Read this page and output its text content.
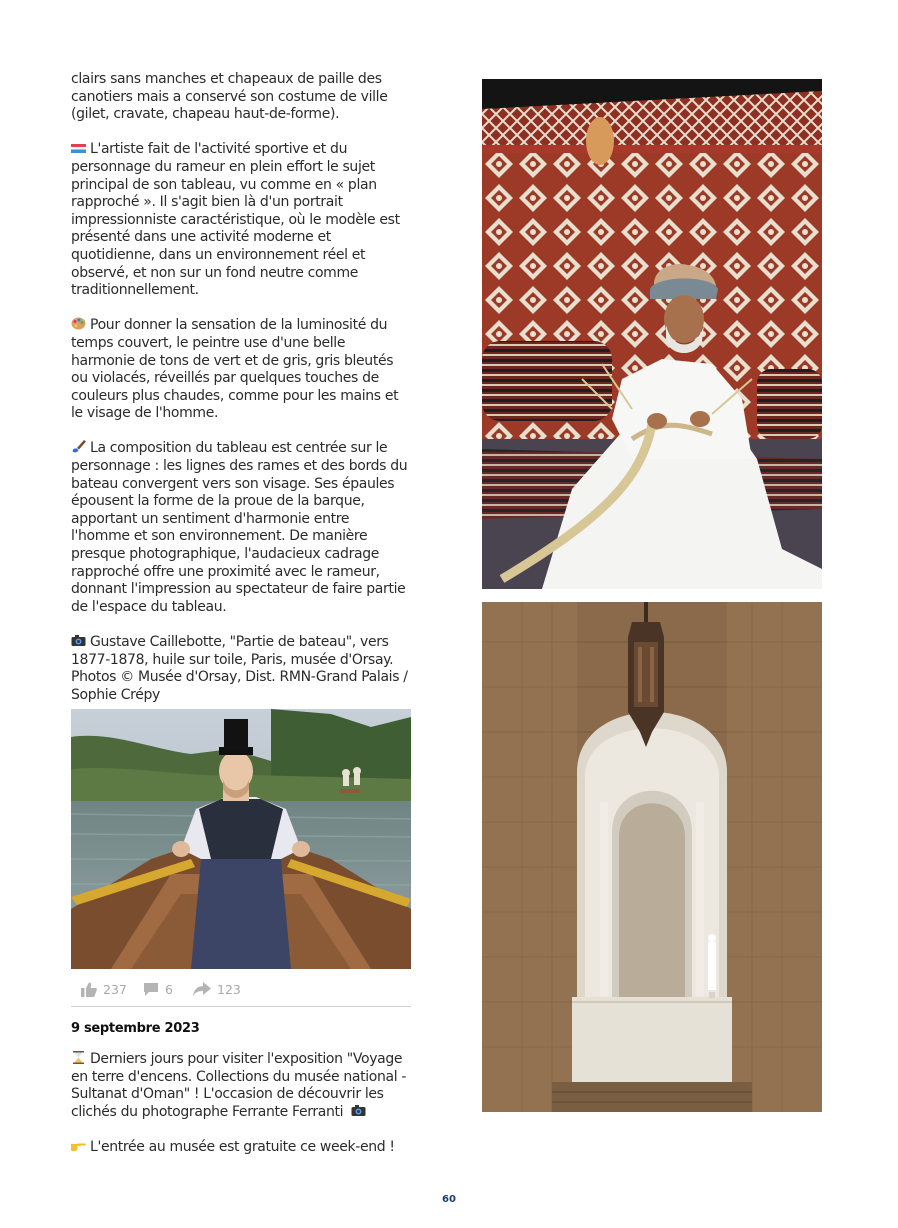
clairs sans manches et chapeaux de paille des canotiers mais a conservé son costume de ville (gilet, cravate, chapeau haut-de-forme).

L'artiste fait de l'activité sportive et du personnage du rameur en plein effort le sujet principal de son tableau, vu comme en « plan rapproché ». Il s'agit bien là d'un portrait impressionniste caractéristique, où le modèle est présenté dans une activité moderne et quotidienne, dans un environnement réel et observé, et non sur un fond neutre comme traditionnellement.

Pour donner la sensation de la luminosité du temps couvert, le peintre use d'une belle harmonie de tons de vert et de gris, gris bleutés ou violacés, réveillés par quelques touches de couleurs plus chaudes, comme pour les mains et le visage de l'homme.

La composition du tableau est centrée sur le personnage : les lignes des rames et des bords du bateau convergent vers son visage. Ses épaules épousent la forme de la proue de la barque, apportant un sentiment d'harmonie entre l'homme et son environnement. De manière presque photographique, l'audacieux cadrage rapproché offre une proximité avec le rameur, donnant l'impression au spectateur de faire partie de l'espace du tableau.

Gustave Caillebotte, "Partie de bateau", vers 1877-1878, huile sur toile, Paris, musée d'Orsay. Photos © Musée d'Orsay, Dist. RMN-Grand Palais / Sophie Crépy

237	6	123
9 septembre 2023

Derniers jours pour visiter l'exposition "Voyage en terre d'encens. Collections du musée national - Sultanat d'Oman" ! L'occasion de découvrir les clichés du photographe Ferrante Ferranti

L'entrée au musée est gratuite ce week-end !

60
